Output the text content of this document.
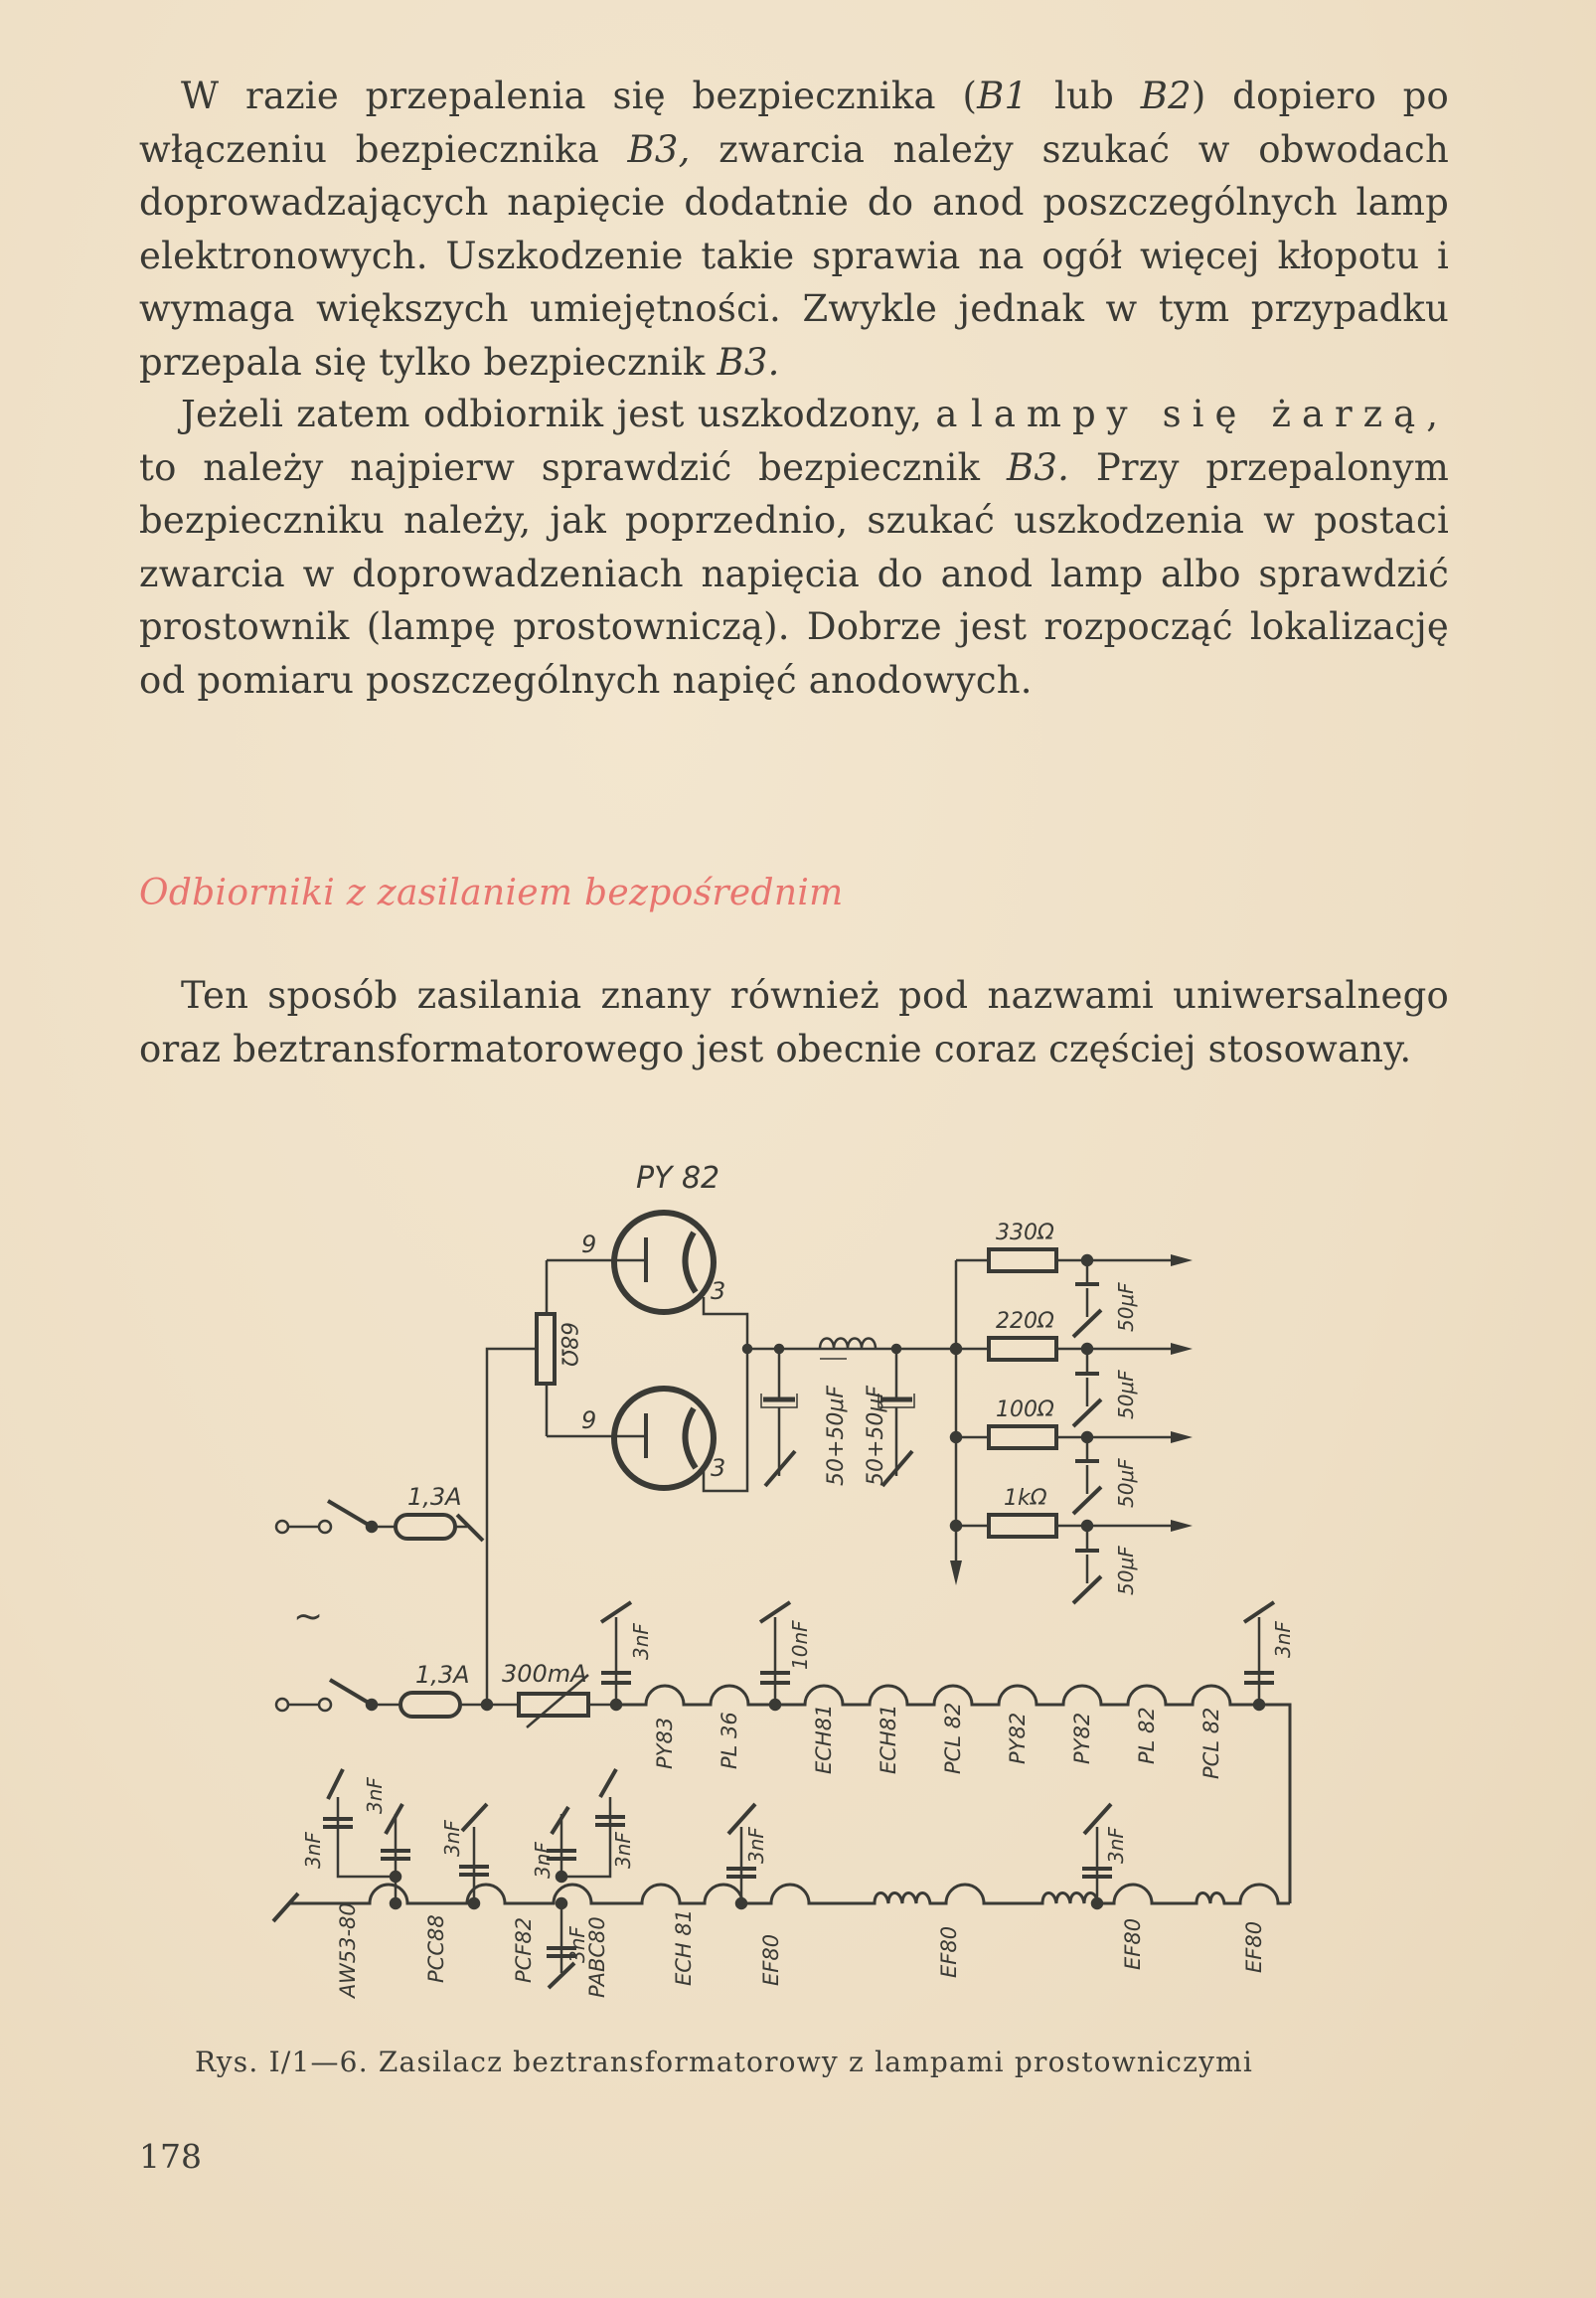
W razie przepalenia się bezpiecznika (B1 lub B2) dopiero po włączeniu bezpiecznika B3, zwarcia należy szukać w obwodach doprowadzających napięcie dodatnie do anod poszczególnych lamp elektronowych. Uszkodzenie takie sprawia na ogół więcej kłopotu i wymaga większych umiejętności. Zwykle jednak w tym przypadku przepala się tylko bezpiecznik B3.

Jeżeli zatem odbiornik jest uszkodzony, a lampy się żarzą, to należy najpierw sprawdzić bezpiecznik B3. Przy przepalonym bezpieczniku należy, jak poprzednio, szukać uszkodzenia w postaci zwarcia w doprowadzeniach napięcia do anod lamp albo sprawdzić prostownik (lampę prostowniczą). Dobrze jest rozpocząć lokalizację od pomiaru poszczególnych napięć anodowych.

Odbiorniki z zasilaniem bezpośrednim

Ten sposób zasilania znany również pod nazwami uniwersalnego oraz beztransformatorowego jest obecnie coraz częściej stosowany.

PY 82
9
3
9
3
68Ω
50+50μF 50+50μF
330Ω
220Ω
100Ω
1kΩ
50μF
50μF
50μF
50μF
1,3A
~
1,3A 300mA
3nF	10nF	3nF
PY83 PL 36	ECH81 ECH81 PCL 82 PY82 PY82 PL 82 PCL 82
3nF
3nF
3nF
3nF	3nF
3nF
3nF	3nF
AW53-80	PCC88	PCF82 PABC80	ECH 81	EF80	EF80	EF80	EF80
Rys. I/1—6. Zasilacz beztransformatorowy z lampami prostowniczymi
178
